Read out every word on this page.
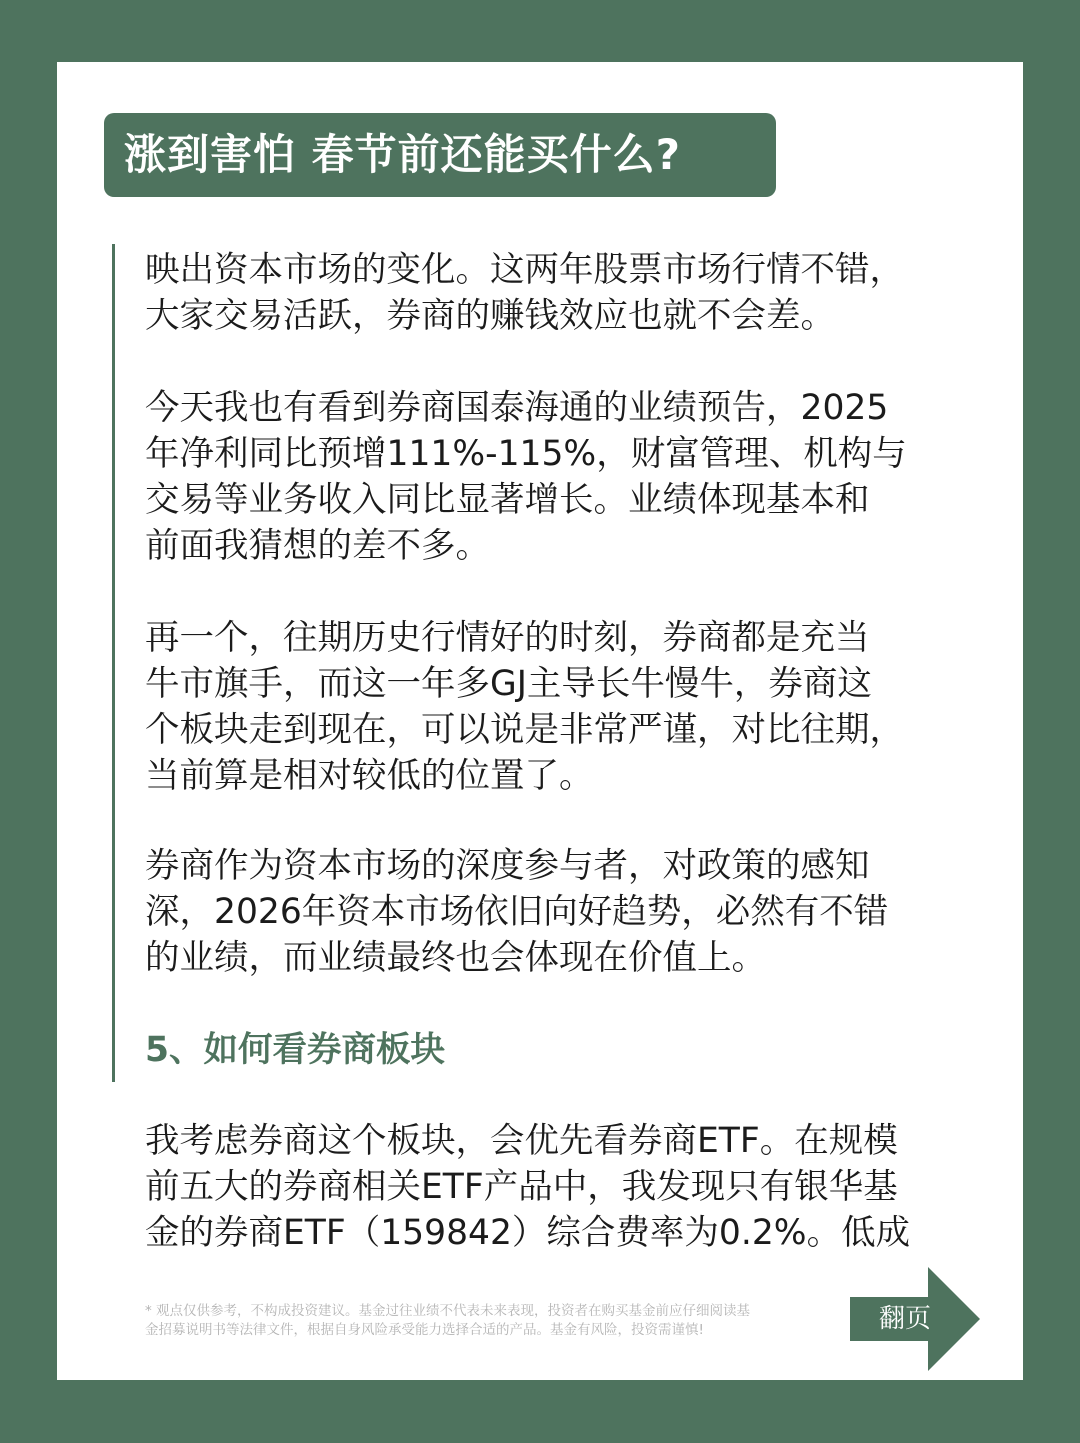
涨到害怕 春节前还能买什么?
映出资本市场的变化。这两年股票市场行情不错，
大家交易活跃，券商的赚钱效应也就不会差。
今天我也有看到券商国泰海通的业绩预告，2025
年净利同比预增111%-115%，财富管理、机构与
交易等业务收入同比显著增长。业绩体现基本和
前面我猜想的差不多。
再一个，往期历史行情好的时刻，券商都是充当
牛市旗手，而这一年多GJ主导长牛慢牛，券商这
个板块走到现在，可以说是非常严谨，对比往期，
当前算是相对较低的位置了。
券商作为资本市场的深度参与者，对政策的感知
深，2026年资本市场依旧向好趋势，必然有不错
的业绩，而业绩最终也会体现在价值上。
5、如何看券商板块
我考虑券商这个板块，会优先看券商ETF。在规模
前五大的券商相关ETF产品中，我发现只有银华基
金的券商ETF（159842）综合费率为0.2%。低成
* 观点仅供参考，不构成投资建议。基金过往业绩不代表未来表现，投资者在购买基金前应仔细阅读基
金招募说明书等法律文件，根据自身风险承受能力选择合适的产品。基金有风险，投资需谨慎!	翻页
